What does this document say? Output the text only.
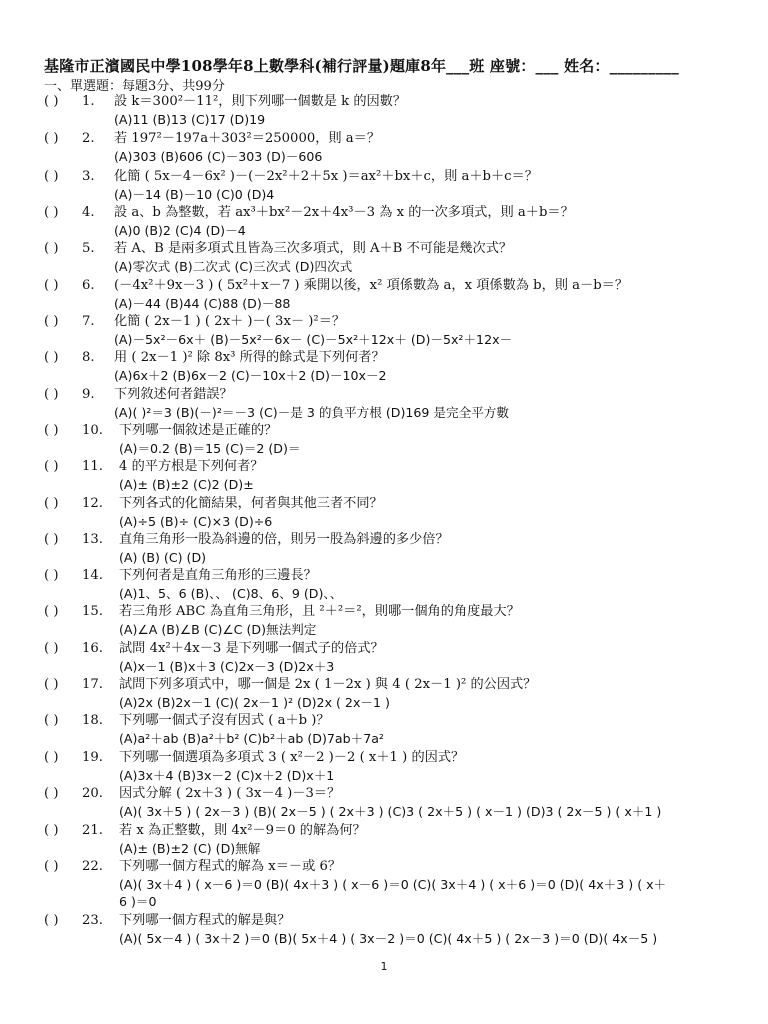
基隆市正濱國民中學108學年8上數學科(補行評量)題庫8年___班 座號：___ 姓名：_________
一、單選題：每題3分、共99分
( ) 1. 設 k＝300²－11²，則下列哪一個數是 k 的因數？
(A)11 (B)13 (C)17 (D)19
( ) 2. 若 197²－197a＋303²＝250000，則 a＝？
(A)303 (B)606 (C)－303 (D)－606
( ) 3. 化簡 ( 5x－4－6x² )－(－2x²＋2＋5x )＝ax²＋bx＋c，則 a＋b＋c＝？
(A)－14 (B)－10 (C)0 (D)4
( ) 4. 設 a、b 為整數，若 ax³＋bx²－2x＋4x³－3 為 x 的一次多項式，則 a＋b＝？
(A)0 (B)2 (C)4 (D)－4
( ) 5. 若 A、B 是兩多項式且皆為三次多項式，則 A＋B 不可能是幾次式？
(A)零次式 (B)二次式 (C)三次式 (D)四次式
( ) 6. (－4x²＋9x－3 ) ( 5x²＋x－7 ) 乘開以後，x² 項係數為 a，x 項係數為 b，則 a－b＝？
(A)－44 (B)44 (C)88 (D)－88
( ) 7. 化簡 ( 2x－1 ) ( 2x＋ )－( 3x－ )²＝？
(A)－5x²－6x＋ (B)－5x²－6x－ (C)－5x²＋12x＋ (D)－5x²＋12x－
( ) 8. 用 ( 2x－1 )² 除 8x³ 所得的餘式是下列何者？
(A)6x＋2 (B)6x－2 (C)－10x＋2 (D)－10x－2
( ) 9. 下列敘述何者錯誤？
(A)( )²＝3 (B)(－)²＝－3 (C)－是 3 的負平方根 (D)169 是完全平方數
( ) 10. 下列哪一個敘述是正確的？
(A)＝0.2 (B)＝15 (C)＝2 (D)＝
( ) 11. 4 的平方根是下列何者？
(A)± (B)±2 (C)2 (D)±
( ) 12. 下列各式的化簡結果，何者與其他三者不同？
(A)÷5 (B)÷ (C)×3 (D)÷6
( ) 13. 直角三角形一股為斜邊的倍，則另一股為斜邊的多少倍？
(A) (B) (C) (D)
( ) 14. 下列何者是直角三角形的三邊長？
(A)1、5、6 (B)、、 (C)8、6、9 (D)、、
( ) 15. 若三角形 ABC 為直角三角形，且 ²＋²＝²，則哪一個角的角度最大？
(A)∠A (B)∠B (C)∠C (D)無法判定
( ) 16. 試問 4x²＋4x－3 是下列哪一個式子的倍式？
(A)x－1 (B)x＋3 (C)2x－3 (D)2x＋3
( ) 17. 試問下列多項式中，哪一個是 2x ( 1－2x ) 與 4 ( 2x－1 )² 的公因式？
(A)2x (B)2x－1 (C)( 2x－1 )² (D)2x ( 2x－1 )
( ) 18. 下列哪一個式子沒有因式 ( a＋b )？
(A)a²＋ab (B)a²＋b² (C)b²＋ab (D)7ab＋7a²
( ) 19. 下列哪一個選項為多項式 3 ( x²－2 )－2 ( x＋1 ) 的因式？
(A)3x＋4 (B)3x－2 (C)x＋2 (D)x＋1
( ) 20. 因式分解 ( 2x＋3 ) ( 3x－4 )－3＝？
(A)( 3x＋5 ) ( 2x－3 ) (B)( 2x－5 ) ( 2x＋3 ) (C)3 ( 2x＋5 ) ( x－1 ) (D)3 ( 2x－5 ) ( x＋1 )
( ) 21. 若 x 為正整數，則 4x²－9＝0 的解為何？
(A)± (B)±2 (C) (D)無解
( ) 22. 下列哪一個方程式的解為 x＝－或 6？
(A)( 3x＋4 ) ( x－6 )＝0 (B)( 4x＋3 ) ( x－6 )＝0 (C)( 3x＋4 ) ( x＋6 )＝0 (D)( 4x＋3 ) ( x＋
6 )＝0
( ) 23. 下列哪一個方程式的解是與？
(A)( 5x－4 ) ( 3x＋2 )＝0 (B)( 5x＋4 ) ( 3x－2 )＝0 (C)( 4x＋5 ) ( 2x－3 )＝0 (D)( 4x－5 )
1
